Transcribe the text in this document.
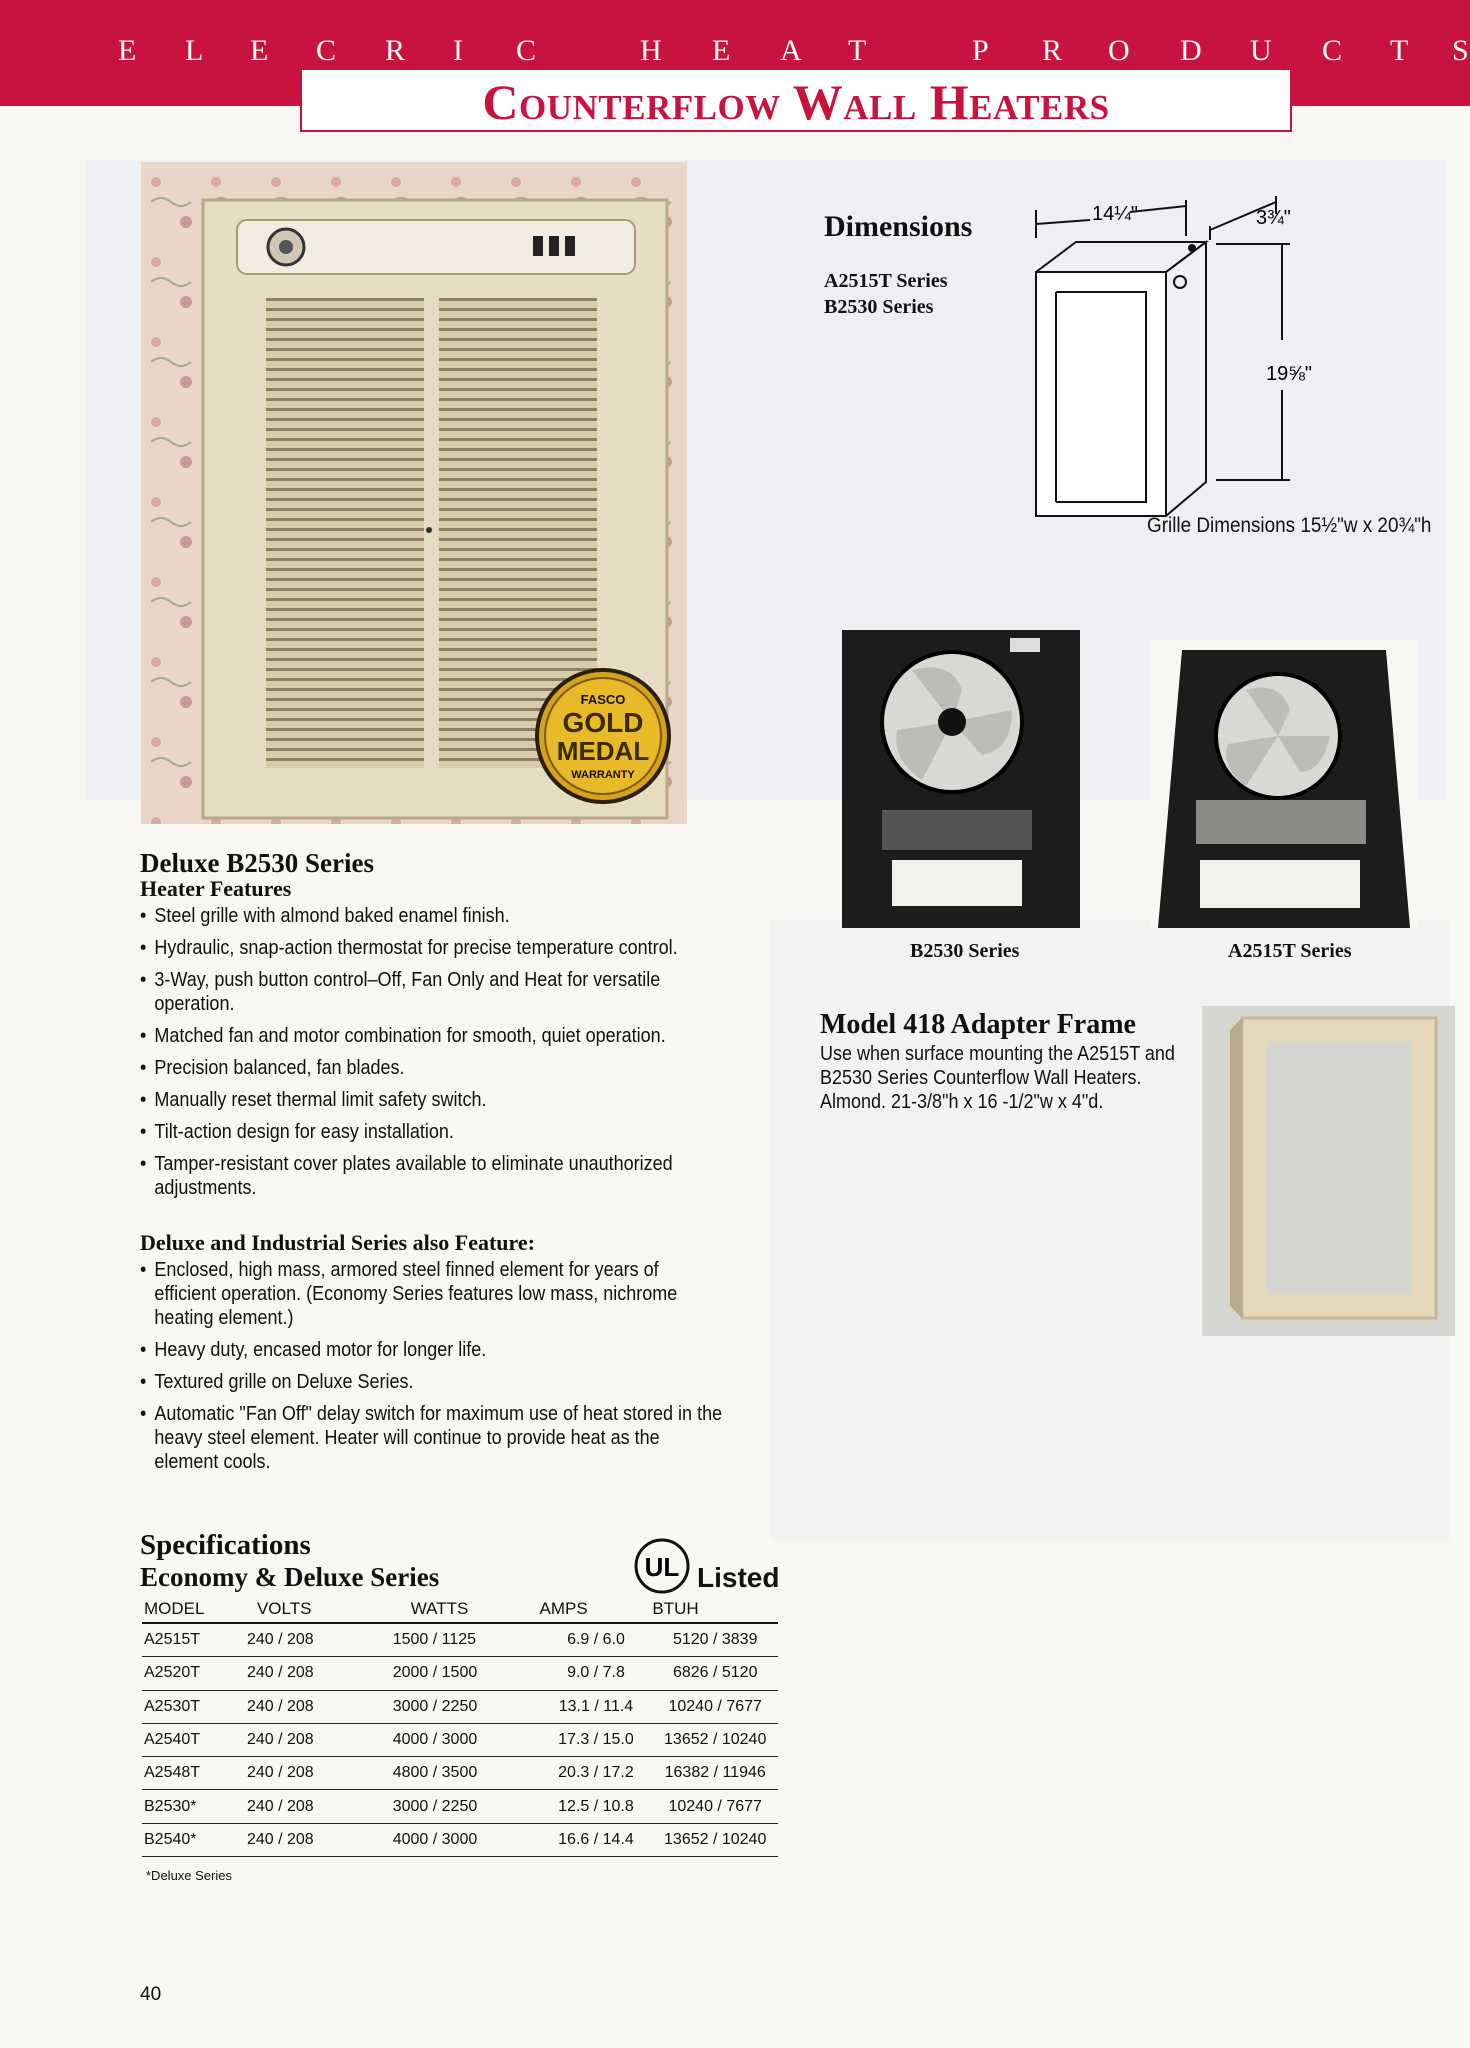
E L E C R I C	H E A T	P R O D U C T S
Counterflow Wall Heaters
FASCO
GOLD
MEDAL
WARRANTY
Dimensions
A2515T Series
B2530 Series
14¼"	3¾"
19⅝"
Grille Dimensions 15½"w x 20¾"h
B2530 Series	A2515T Series
Model 418 Adapter Frame
Use when surface mounting the A2515T and B2530 Series Counterflow Wall Heaters. Almond. 21-3/8"h x 16 -1/2"w x 4"d.
Deluxe B2530 Series
Heater Features
• Steel grille with almond baked enamel finish.
• Hydraulic, snap-action thermostat for precise temperature control.
• 3-Way, push button control–Off, Fan Only and Heat for versatile operation.
• Matched fan and motor combination for smooth, quiet operation.
• Precision balanced, fan blades.
• Manually reset thermal limit safety switch.
• Tilt-action design for easy installation.
• Tamper-resistant cover plates available to eliminate unauthorized adjustments.
Deluxe and Industrial Series also Feature:
• Enclosed, high mass, armored steel finned element for years of efficient operation. (Economy Series features low mass, nichrome heating element.)
• Heavy duty, encased motor for longer life.
• Textured grille on Deluxe Series.
• Automatic "Fan Off" delay switch for maximum use of heat stored in the heavy steel element. Heater will continue to provide heat as the element cools.
Specifications
Economy & Deluxe Series	UL Listed
MODEL	VOLTS	WATTS	AMPS	BTUH
A2515T	240 / 208	1500 / 1125	6.9 / 6.0	5120 / 3839
A2520T	240 / 208	2000 / 1500	9.0 / 7.8	6826 / 5120
A2530T	240 / 208	3000 / 2250	13.1 / 11.4	10240 / 7677
A2540T	240 / 208	4000 / 3000	17.3 / 15.0	13652 / 10240
A2548T	240 / 208	4800 / 3500	20.3 / 17.2	16382 / 11946
B2530*	240 / 208	3000 / 2250	12.5 / 10.8	10240 / 7677
B2540*	240 / 208	4000 / 3000	16.6 / 14.4	13652 / 10240
*Deluxe Series
40
